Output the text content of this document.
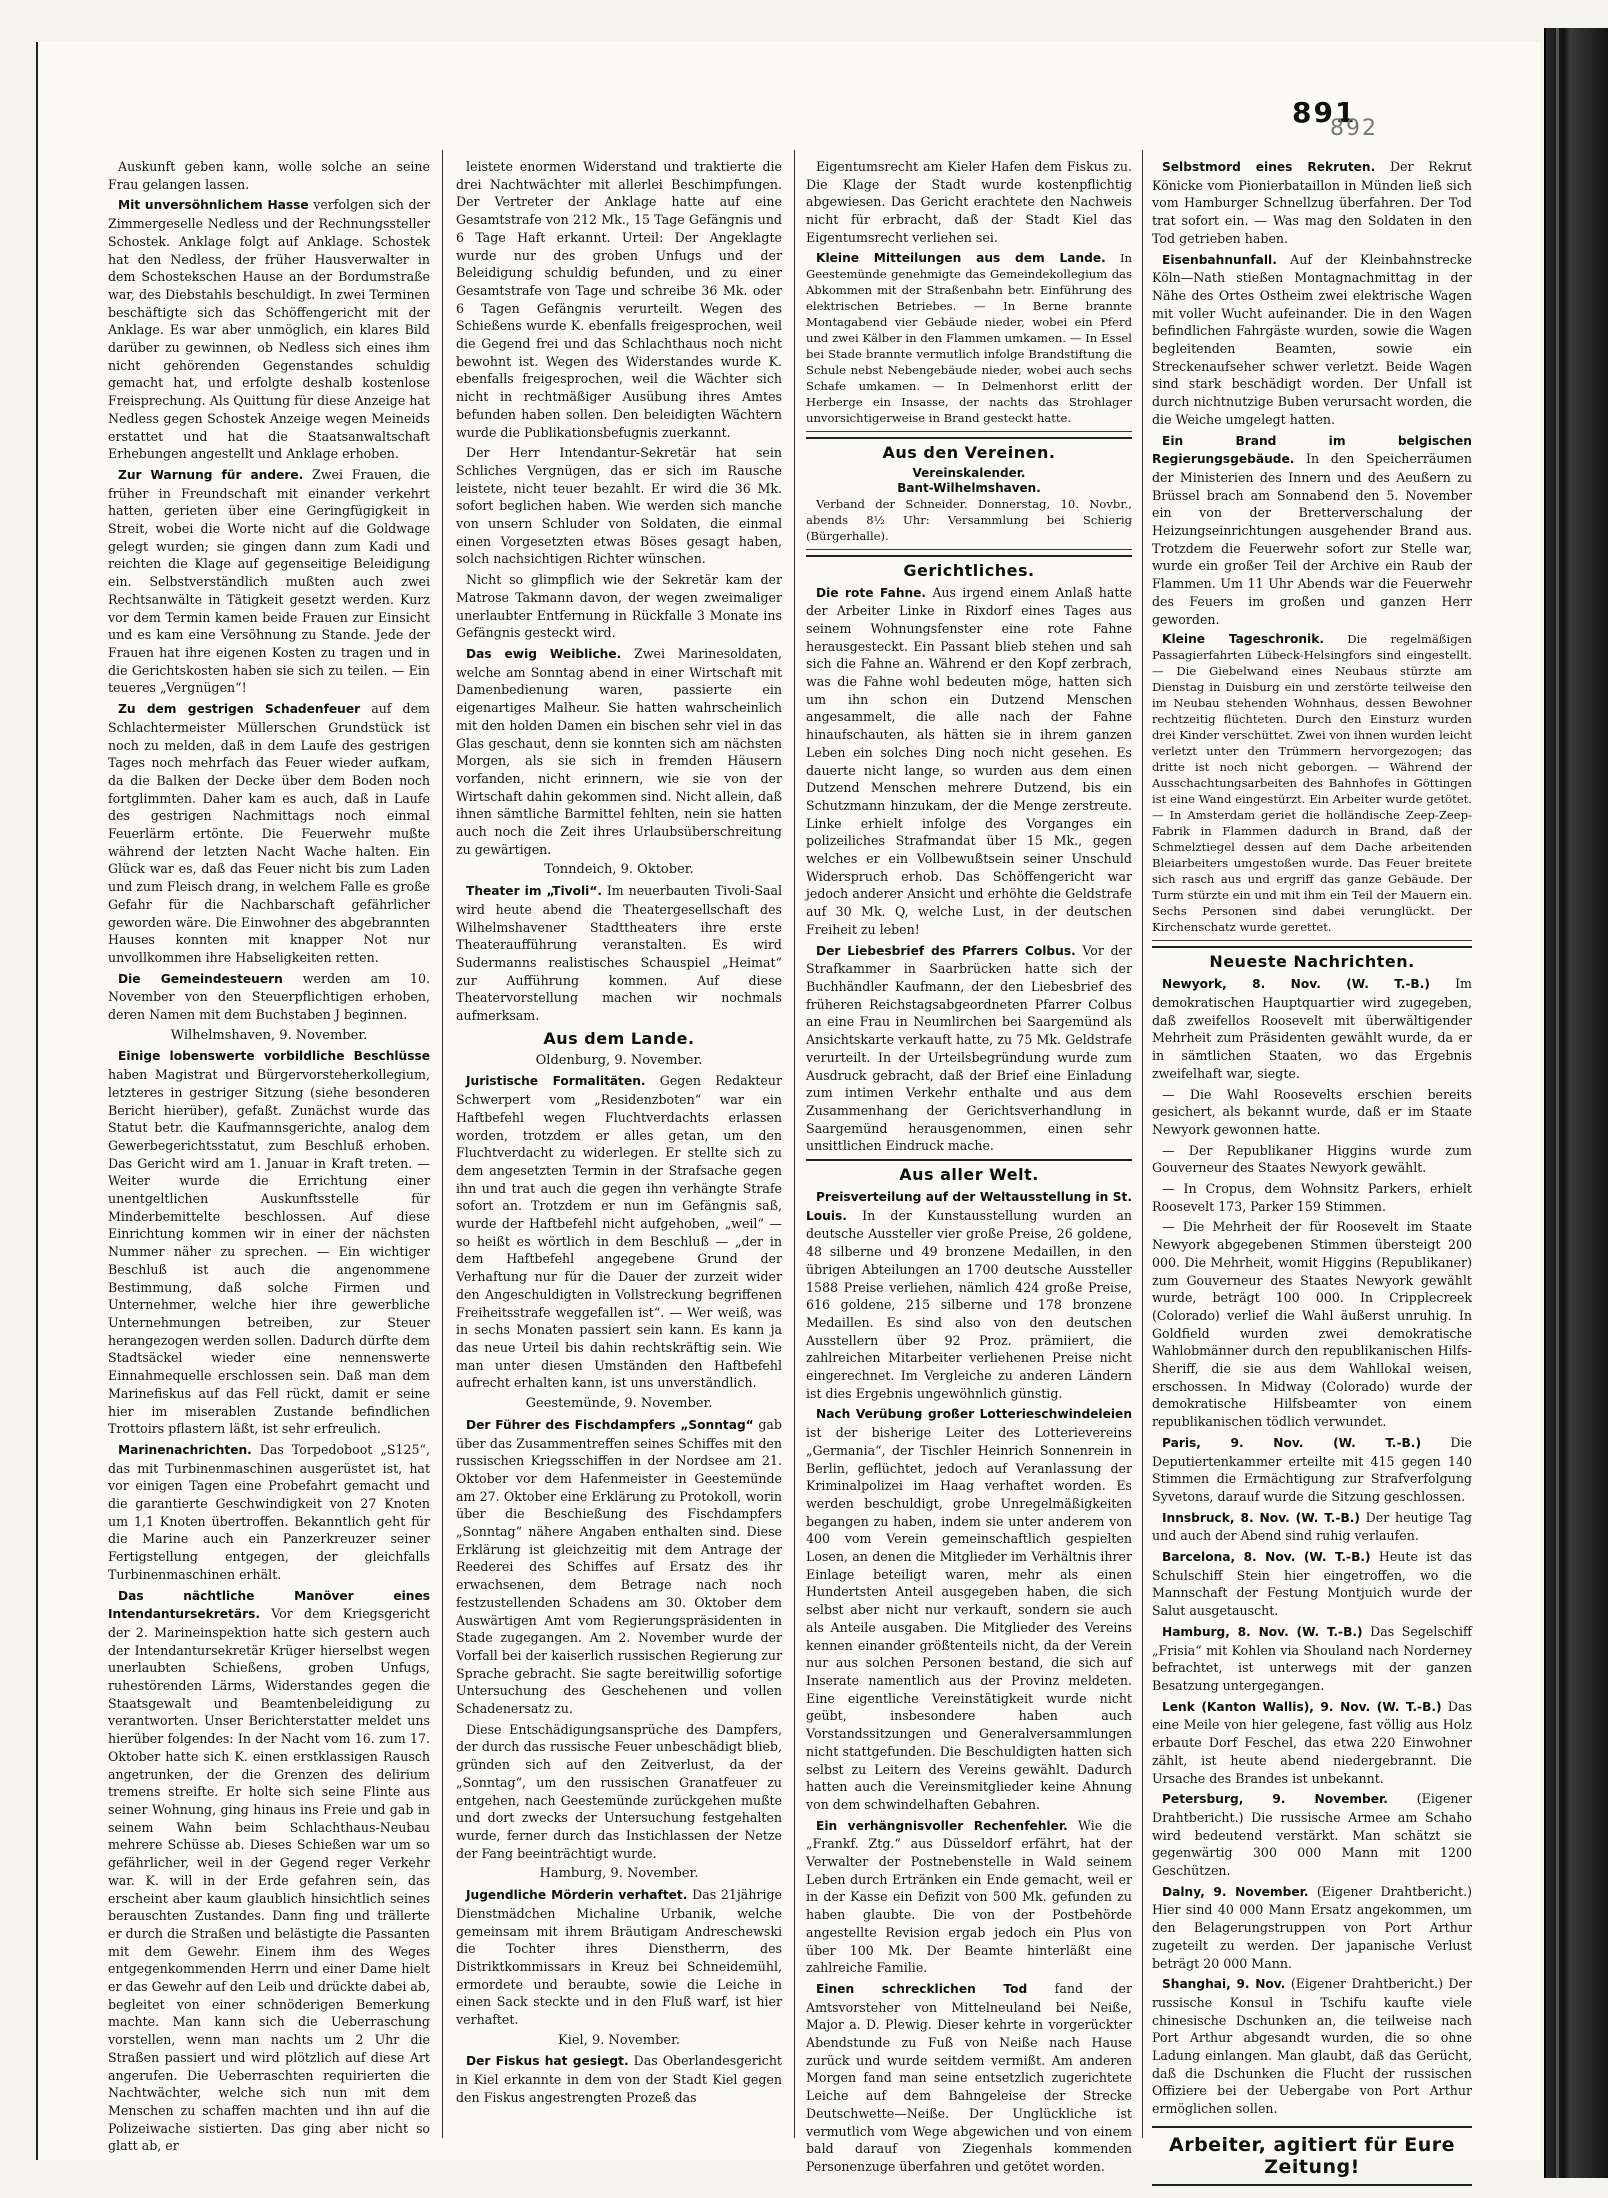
891
892

Auskunft geben kann, wolle solche an seine Frau gelangen lassen.

Mit unversöhnlichem Hasse verfolgen sich der Zimmergeselle Nedless und der Rechnungssteller Schostek. Anklage folgt auf Anklage. Schostek hat den Nedless, der früher Hausverwalter in dem Schostekschen Hause an der Bordumstraße war, des Diebstahls beschuldigt. In zwei Terminen beschäftigte sich das Schöffengericht mit der Anklage. Es war aber unmöglich, ein klares Bild darüber zu gewinnen, ob Nedless sich eines ihm nicht gehörenden Gegenstandes schuldig gemacht hat, und erfolgte deshalb kostenlose Freisprechung. Als Quittung für diese Anzeige hat Nedless gegen Schostek Anzeige wegen Meineids erstattet und hat die Staatsanwaltschaft Erhebungen angestellt und Anklage erhoben.

Zur Warnung für andere. Zwei Frauen, die früher in Freundschaft mit einander verkehrt hatten, gerieten über eine Geringfügigkeit in Streit, wobei die Worte nicht auf die Goldwage gelegt wurden; sie gingen dann zum Kadi und reichten die Klage auf gegenseitige Beleidigung ein. Selbstverständlich mußten auch zwei Rechtsanwälte in Tätigkeit gesetzt werden. Kurz vor dem Termin kamen beide Frauen zur Einsicht und es kam eine Versöhnung zu Stande. Jede der Frauen hat ihre eigenen Kosten zu tragen und in die Gerichtskosten haben sie sich zu teilen. — Ein teueres „Vergnügen“!

Zu dem gestrigen Schadenfeuer auf dem Schlachtermeister Müllerschen Grundstück ist noch zu melden, daß in dem Laufe des gestrigen Tages noch mehrfach das Feuer wieder aufkam, da die Balken der Decke über dem Boden noch fortglimmten. Daher kam es auch, daß in Laufe des gestrigen Nachmittags noch einmal Feuerlärm ertönte. Die Feuerwehr mußte während der letzten Nacht Wache halten. Ein Glück war es, daß das Feuer nicht bis zum Laden und zum Fleisch drang, in welchem Falle es große Gefahr für die Nachbarschaft gefährlicher geworden wäre. Die Einwohner des abgebrannten Hauses konnten mit knapper Not nur unvollkommen ihre Habseligkeiten retten.

Die Gemeindesteuern werden am 10. November von den Steuerpflichtigen erhoben, deren Namen mit dem Buchstaben J beginnen.

Wilhelmshaven, 9. November.

Einige lobenswerte vorbildliche Beschlüsse haben Magistrat und Bürgervorsteherkollegium, letzteres in gestriger Sitzung (siehe besonderen Bericht hierüber), gefaßt. Zunächst wurde das Statut betr. die Kaufmannsgerichte, analog dem Gewerbegerichtsstatut, zum Beschluß erhoben. Das Gericht wird am 1. Januar in Kraft treten. — Weiter wurde die Errichtung einer unentgeltlichen Auskunftsstelle für Minderbemittelte beschlossen. Auf diese Einrichtung kommen wir in einer der nächsten Nummer näher zu sprechen. — Ein wichtiger Beschluß ist auch die angenommene Bestimmung, daß solche Firmen und Unternehmer, welche hier ihre gewerbliche Unternehmungen betreiben, zur Steuer herangezogen werden sollen. Dadurch dürfte dem Stadtsäckel wieder eine nennenswerte Einnahmequelle erschlossen sein. Daß man dem Marinefiskus auf das Fell rückt, damit er seine hier im miserablen Zustande befindlichen Trottoirs pflastern läßt, ist sehr erfreulich.

Marinenachrichten. Das Torpedoboot „S125“, das mit Turbinenmaschinen ausgerüstet ist, hat vor einigen Tagen eine Probefahrt gemacht und die garantierte Geschwindigkeit von 27 Knoten um 1,1 Knoten übertroffen. Bekanntlich geht für die Marine auch ein Panzerkreuzer seiner Fertigstellung entgegen, der gleichfalls Turbinenmaschinen erhält.

Das nächtliche Manöver eines Intendantursekretärs. Vor dem Kriegsgericht der 2. Marineinspektion hatte sich gestern auch der Intendantursekretär Krüger hierselbst wegen unerlaubten Schießens, groben Unfugs, ruhestörenden Lärms, Widerstandes gegen die Staatsgewalt und Beamtenbeleidigung zu verantworten. Unser Berichterstatter meldet uns hierüber folgendes: In der Nacht vom 16. zum 17. Oktober hatte sich K. einen erstklassigen Rausch angetrunken, der die Grenzen des delirium tremens streifte. Er holte sich seine Flinte aus seiner Wohnung, ging hinaus ins Freie und gab in seinem Wahn beim Schlachthaus-Neubau mehrere Schüsse ab. Dieses Schießen war um so gefährlicher, weil in der Gegend reger Verkehr war. K. will in der Erde gefahren sein, das erscheint aber kaum glaublich hinsichtlich seines berauschten Zustandes. Dann fing und trällerte er durch die Straßen und belästigte die Passanten mit dem Gewehr. Einem ihm des Weges entgegenkommenden Herrn und einer Dame hielt er das Gewehr auf den Leib und drückte dabei ab, begleitet von einer schnöderigen Bemerkung machte. Man kann sich die Ueberraschung vorstellen, wenn man nachts um 2 Uhr die Straßen passiert und wird plötzlich auf diese Art angerufen. Die Ueberraschten requirierten die Nachtwächter, welche sich nun mit dem Menschen zu schaffen machten und ihn auf die Polizeiwache sistierten. Das ging aber nicht so glatt ab, er

leistete enormen Widerstand und traktierte die drei Nachtwächter mit allerlei Beschimpfungen. Der Vertreter der Anklage hatte auf eine Gesamtstrafe von 212 Mk., 15 Tage Gefängnis und 6 Tage Haft erkannt. Urteil: Der Angeklagte wurde nur des groben Unfugs und der Beleidigung schuldig befunden, und zu einer Gesamtstrafe von Tage und schreibe 36 Mk. oder 6 Tagen Gefängnis verurteilt. Wegen des Schießens wurde K. ebenfalls freigesprochen, weil die Gegend frei und das Schlachthaus noch nicht bewohnt ist. Wegen des Widerstandes wurde K. ebenfalls freigesprochen, weil die Wächter sich nicht in rechtmäßiger Ausübung ihres Amtes befunden haben sollen. Den beleidigten Wächtern wurde die Publikationsbefugnis zuerkannt.

Der Herr Intendantur-Sekretär hat sein Schliches Vergnügen, das er sich im Rausche leistete, nicht teuer bezahlt. Er wird die 36 Mk. sofort beglichen haben. Wie werden sich manche von unsern Schluder von Soldaten, die einmal einen Vorgesetzten etwas Böses gesagt haben, solch nachsichtigen Richter wünschen.

Nicht so glimpflich wie der Sekretär kam der Matrose Takmann davon, der wegen zweimaliger unerlaubter Entfernung in Rückfalle 3 Monate ins Gefängnis gesteckt wird.

Das ewig Weibliche. Zwei Marinesoldaten, welche am Sonntag abend in einer Wirtschaft mit Damenbedienung waren, passierte ein eigenartiges Malheur. Sie hatten wahrscheinlich mit den holden Damen ein bischen sehr viel in das Glas geschaut, denn sie konnten sich am nächsten Morgen, als sie sich in fremden Häusern vorfanden, nicht erinnern, wie sie von der Wirtschaft dahin gekommen sind. Nicht allein, daß ihnen sämtliche Barmittel fehlten, nein sie hatten auch noch die Zeit ihres Urlaubsüberschreitung zu gewärtigen.

Tonndeich, 9. Oktober.

Theater im „Tivoli“. Im neuerbauten Tivoli-Saal wird heute abend die Theatergesellschaft des Wilhelmshavener Stadttheaters ihre erste Theateraufführung veranstalten. Es wird Sudermanns realistisches Schauspiel „Heimat“ zur Aufführung kommen. Auf diese Theatervorstellung machen wir nochmals aufmerksam.

Aus dem Lande.

Oldenburg, 9. November.

Juristische Formalitäten. Gegen Redakteur Schwerpert vom „Residenzboten“ war ein Haftbefehl wegen Fluchtverdachts erlassen worden, trotzdem er alles getan, um den Fluchtverdacht zu widerlegen. Er stellte sich zu dem angesetzten Termin in der Strafsache gegen ihn und trat auch die gegen ihn verhängte Strafe sofort an. Trotzdem er nun im Gefängnis saß, wurde der Haftbefehl nicht aufgehoben, „weil“ — so heißt es wörtlich in dem Beschluß — „der in dem Haftbefehl angegebene Grund der Verhaftung nur für die Dauer der zurzeit wider den Angeschuldigten in Vollstreckung begriffenen Freiheitsstrafe weggefallen ist“. — Wer weiß, was in sechs Monaten passiert sein kann. Es kann ja das neue Urteil bis dahin rechtskräftig sein. Wie man unter diesen Umständen den Haftbefehl aufrecht erhalten kann, ist uns unverständlich.

Geestemünde, 9. November.

Der Führer des Fischdampfers „Sonntag“ gab über das Zusammentreffen seines Schiffes mit den russischen Kriegsschiffen in der Nordsee am 21. Oktober vor dem Hafenmeister in Geestemünde am 27. Oktober eine Erklärung zu Protokoll, worin über die Beschießung des Fischdampfers „Sonntag“ nähere Angaben enthalten sind. Diese Erklärung ist gleichzeitig mit dem Antrage der Reederei des Schiffes auf Ersatz des ihr erwachsenen, dem Betrage nach noch festzustellenden Schadens am 30. Oktober dem Auswärtigen Amt vom Regierungspräsidenten in Stade zugegangen. Am 2. November wurde der Vorfall bei der kaiserlich russischen Regierung zur Sprache gebracht. Sie sagte bereitwillig sofortige Untersuchung des Geschehenen und vollen Schadenersatz zu.

Diese Entschädigungsansprüche des Dampfers, der durch das russische Feuer unbeschädigt blieb, gründen sich auf den Zeitverlust, da der „Sonntag“, um den russischen Granatfeuer zu entgehen, nach Geestemünde zurückgehen mußte und dort zwecks der Untersuchung festgehalten wurde, ferner durch das Instichlassen der Netze der Fang beeinträchtigt wurde.

Hamburg, 9. November.

Jugendliche Mörderin verhaftet. Das 21jährige Dienstmädchen Michaline Urbanik, welche gemeinsam mit ihrem Bräutigam Andreschewski die Tochter ihres Dienstherrn, des Distriktkommissars in Kreuz bei Schneidemühl, ermordete und beraubte, sowie die Leiche in einen Sack steckte und in den Fluß warf, ist hier verhaftet.

Kiel, 9. November.

Der Fiskus hat gesiegt. Das Oberlandesgericht in Kiel erkannte in dem von der Stadt Kiel gegen den Fiskus angestrengten Prozeß das

Eigentumsrecht am Kieler Hafen dem Fiskus zu. Die Klage der Stadt wurde kostenpflichtig abgewiesen. Das Gericht erachtete den Nachweis nicht für erbracht, daß der Stadt Kiel das Eigentumsrecht verliehen sei.

Kleine Mitteilungen aus dem Lande. In Geestemünde genehmigte das Gemeindekollegium das Abkommen mit der Straßenbahn betr. Einführung des elektrischen Betriebes. — In Berne brannte Montagabend vier Gebäude nieder, wobei ein Pferd und zwei Kälber in den Flammen umkamen. — In Essel bei Stade brannte vermutlich infolge Brandstiftung die Schule nebst Nebengebäude nieder, wobei auch sechs Schafe umkamen. — In Delmenhorst erlitt der Herberge ein Insasse, der nachts das Strohlager unvorsichtigerweise in Brand gesteckt hatte.

Aus den Vereinen.
Vereinskalender.
Bant-Wilhelmshaven.

Verband der Schneider. Donnerstag, 10. Novbr., abends 8½ Uhr: Versammlung bei Schierig (Bürgerhalle).

Gerichtliches.

Die rote Fahne. Aus irgend einem Anlaß hatte der Arbeiter Linke in Rixdorf eines Tages aus seinem Wohnungsfenster eine rote Fahne herausgesteckt. Ein Passant blieb stehen und sah sich die Fahne an. Während er den Kopf zerbrach, was die Fahne wohl bedeuten möge, hatten sich um ihn schon ein Dutzend Menschen angesammelt, die alle nach der Fahne hinaufschauten, als hätten sie in ihrem ganzen Leben ein solches Ding noch nicht gesehen. Es dauerte nicht lange, so wurden aus dem einen Dutzend Menschen mehrere Dutzend, bis ein Schutzmann hinzukam, der die Menge zerstreute. Linke erhielt infolge des Vorganges ein polizeiliches Strafmandat über 15 Mk., gegen welches er ein Vollbewußtsein seiner Unschuld Widerspruch erhob. Das Schöffengericht war jedoch anderer Ansicht und erhöhte die Geldstrafe auf 30 Mk. Q, welche Lust, in der deutschen Freiheit zu leben!

Der Liebesbrief des Pfarrers Colbus. Vor der Strafkammer in Saarbrücken hatte sich der Buchhändler Kaufmann, der den Liebesbrief des früheren Reichstagsabgeordneten Pfarrer Colbus an eine Frau in Neumlirchen bei Saargemünd als Ansichtskarte verkauft hatte, zu 75 Mk. Geldstrafe verurteilt. In der Urteilsbegründung wurde zum Ausdruck gebracht, daß der Brief eine Einladung zum intimen Verkehr enthalte und aus dem Zusammenhang der Gerichtsverhandlung in Saargemünd herausgenommen, einen sehr unsittlichen Eindruck mache.

Aus aller Welt.

Preisverteilung auf der Weltausstellung in St. Louis. In der Kunstausstellung wurden an deutsche Aussteller vier große Preise, 26 goldene, 48 silberne und 49 bronzene Medaillen, in den übrigen Abteilungen an 1700 deutsche Aussteller 1588 Preise verliehen, nämlich 424 große Preise, 616 goldene, 215 silberne und 178 bronzene Medaillen. Es sind also von den deutschen Ausstellern über 92 Proz. prämiiert, die zahlreichen Mitarbeiter verliehenen Preise nicht eingerechnet. Im Vergleiche zu anderen Ländern ist dies Ergebnis ungewöhnlich günstig.

Nach Verübung großer Lotterieschwindeleien ist der bisherige Leiter des Lotterievereins „Germania“, der Tischler Heinrich Sonnenrein in Berlin, geflüchtet, jedoch auf Veranlassung der Kriminalpolizei im Haag verhaftet worden. Es werden beschuldigt, grobe Unregelmäßigkeiten begangen zu haben, indem sie unter anderem von 400 vom Verein gemeinschaftlich gespielten Losen, an denen die Mitglieder im Verhältnis ihrer Einlage beteiligt waren, mehr als einen Hundertsten Anteil ausgegeben haben, die sich selbst aber nicht nur verkauft, sondern sie auch als Anteile ausgaben. Die Mitglieder des Vereins kennen einander größtenteils nicht, da der Verein nur aus solchen Personen bestand, die sich auf Inserate namentlich aus der Provinz meldeten. Eine eigentliche Vereinstätigkeit wurde nicht geübt, insbesondere haben auch Vorstandssitzungen und Generalversammlungen nicht stattgefunden. Die Beschuldigten hatten sich selbst zu Leitern des Vereins gewählt. Dadurch hatten auch die Vereinsmitglieder keine Ahnung von dem schwindelhaften Gebahren.

Ein verhängnisvoller Rechenfehler. Wie die „Frankf. Ztg.“ aus Düsseldorf erfährt, hat der Verwalter der Postnebenstelle in Wald seinem Leben durch Ertränken ein Ende gemacht, weil er in der Kasse ein Defizit von 500 Mk. gefunden zu haben glaubte. Die von der Postbehörde angestellte Revision ergab jedoch ein Plus von über 100 Mk. Der Beamte hinterläßt eine zahlreiche Familie.

Einen schrecklichen Tod fand der Amtsvorsteher von Mittelneuland bei Neiße, Major a. D. Plewig. Dieser kehrte in vorgerückter Abendstunde zu Fuß von Neiße nach Hause zurück und wurde seitdem vermißt. Am anderen Morgen fand man seine entsetzlich zugerichtete Leiche auf dem Bahngeleise der Strecke Deutschwette—Neiße. Der Unglückliche ist vermutlich vom Wege abgewichen und von einem bald darauf von Ziegenhals kommenden Personenzuge überfahren und getötet worden.

Selbstmord eines Rekruten. Der Rekrut Könicke vom Pionierbataillon in Münden ließ sich vom Hamburger Schnellzug überfahren. Der Tod trat sofort ein. — Was mag den Soldaten in den Tod getrieben haben.

Eisenbahnunfall. Auf der Kleinbahnstrecke Köln—Nath stießen Montagnachmittag in der Nähe des Ortes Ostheim zwei elektrische Wagen mit voller Wucht aufeinander. Die in den Wagen befindlichen Fahrgäste wurden, sowie die Wagen begleitenden Beamten, sowie ein Streckenaufseher schwer verletzt. Beide Wagen sind stark beschädigt worden. Der Unfall ist durch nichtnutzige Buben verursacht worden, die die Weiche umgelegt hatten.

Ein Brand im belgischen Regierungsgebäude. In den Speicherräumen der Ministerien des Innern und des Aeußern zu Brüssel brach am Sonnabend den 5. November ein von der Bretterverschalung der Heizungseinrichtungen ausgehender Brand aus. Trotzdem die Feuerwehr sofort zur Stelle war, wurde ein großer Teil der Archive ein Raub der Flammen. Um 11 Uhr Abends war die Feuerwehr des Feuers im großen und ganzen Herr geworden.

Kleine Tageschronik. Die regelmäßigen Passagierfahrten Lübeck-Helsingfors sind eingestellt. — Die Giebelwand eines Neubaus stürzte am Dienstag in Duisburg ein und zerstörte teilweise den im Neubau stehenden Wohnhaus, dessen Bewohner rechtzeitig flüchteten. Durch den Einsturz wurden drei Kinder verschüttet. Zwei von ihnen wurden leicht verletzt unter den Trümmern hervorgezogen; das dritte ist noch nicht geborgen. — Während der Ausschachtungsarbeiten des Bahnhofes in Göttingen ist eine Wand eingestürzt. Ein Arbeiter wurde getötet. — In Amsterdam geriet die holländische Zeep-Zeep-Fabrik in Flammen dadurch in Brand, daß der Schmelztiegel dessen auf dem Dache arbeitenden Bleiarbeiters umgestoßen wurde. Das Feuer breitete sich rasch aus und ergriff das ganze Gebäude. Der Turm stürzte ein und mit ihm ein Teil der Mauern ein. Sechs Personen sind dabei verunglückt. Der Kirchenschatz wurde gerettet.

Neueste Nachrichten.

Newyork, 8. Nov. (W. T.-B.) Im demokratischen Hauptquartier wird zugegeben, daß zweifellos Roosevelt mit überwältigender Mehrheit zum Präsidenten gewählt wurde, da er in sämtlichen Staaten, wo das Ergebnis zweifelhaft war, siegte.

— Die Wahl Roosevelts erschien bereits gesichert, als bekannt wurde, daß er im Staate Newyork gewonnen hatte.

— Der Republikaner Higgins wurde zum Gouverneur des Staates Newyork gewählt.

— In Cropus, dem Wohnsitz Parkers, erhielt Roosevelt 173, Parker 159 Stimmen.

— Die Mehrheit der für Roosevelt im Staate Newyork abgegebenen Stimmen übersteigt 200 000. Die Mehrheit, womit Higgins (Republikaner) zum Gouverneur des Staates Newyork gewählt wurde, beträgt 100 000. In Cripplecreek (Colorado) verlief die Wahl äußerst unruhig. In Goldfield wurden zwei demokratische Wahlobmänner durch den republikanischen Hilfs-Sheriff, die sie aus dem Wahllokal weisen, erschossen. In Midway (Colorado) wurde der demokratische Hilfsbeamter von einem republikanischen tödlich verwundet.

Paris, 9. Nov. (W. T.-B.) Die Deputiertenkammer erteilte mit 415 gegen 140 Stimmen die Ermächtigung zur Strafverfolgung Syvetons, darauf wurde die Sitzung geschlossen.

Innsbruck, 8. Nov. (W. T.-B.) Der heutige Tag und auch der Abend sind ruhig verlaufen.

Barcelona, 8. Nov. (W. T.-B.) Heute ist das Schulschiff Stein hier eingetroffen, wo die Mannschaft der Festung Montjuich wurde der Salut ausgetauscht.

Hamburg, 8. Nov. (W. T.-B.) Das Segelschiff „Frisia“ mit Kohlen via Shouland nach Norderney befrachtet, ist unterwegs mit der ganzen Besatzung untergegangen.

Lenk (Kanton Wallis), 9. Nov. (W. T.-B.) Das eine Meile von hier gelegene, fast völlig aus Holz erbaute Dorf Feschel, das etwa 220 Einwohner zählt, ist heute abend niedergebrannt. Die Ursache des Brandes ist unbekannt.

Petersburg, 9. November. (Eigener Drahtbericht.) Die russische Armee am Schaho wird bedeutend verstärkt. Man schätzt sie gegenwärtig 300 000 Mann mit 1200 Geschützen.

Dalny, 9. November. (Eigener Drahtbericht.) Hier sind 40 000 Mann Ersatz angekommen, um den Belagerungstruppen von Port Arthur zugeteilt zu werden. Der japanische Verlust beträgt 20 000 Mann.

Shanghai, 9. Nov. (Eigener Drahtbericht.) Der russische Konsul in Tschifu kaufte viele chinesische Dschunken an, die teilweise nach Port Arthur abgesandt wurden, die so ohne Ladung einlangen. Man glaubt, daß das Gerücht, daß die Dschunken die Flucht der russischen Offiziere bei der Uebergabe von Port Arthur ermöglichen sollen.

Arbeiter, agitiert für Eure Zeitung!
